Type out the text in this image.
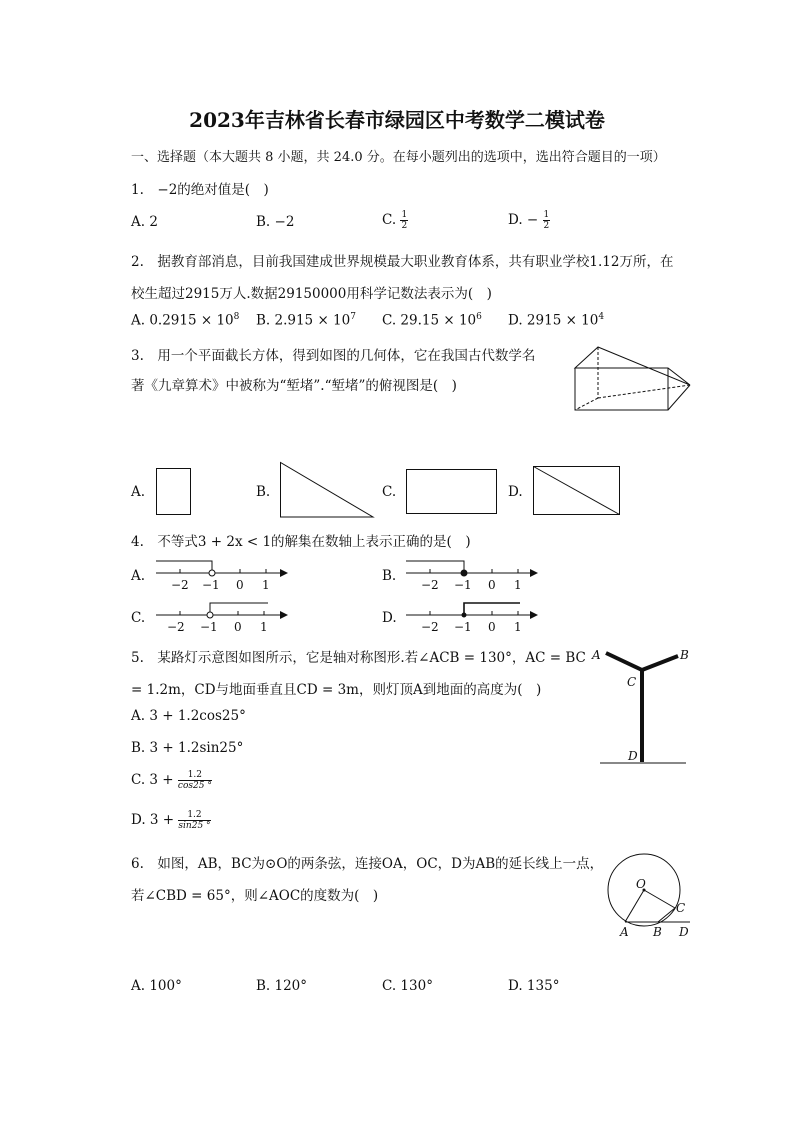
2023年吉林省长春市绿园区中考数学二模试卷
一、选择题（本大题共 8 小题，共 24.0 分。在每小题列出的选项中，选出符合题目的一项）
1.　−2的绝对值是(　)
A. 2	B. −2	C. $\frac{1}{2}$	D. − $\frac{1}{2}$
2.　据教育部消息，目前我国建成世界规模最大职业教育体系，共有职业学校1.12万所，在
校生超过2915万人.数据29150000用科学记数法表示为(　)
A. $0.2915 \times 10^8$ B. $2.915 \times 10^7$ C. $29.15 \times 10^6$ D. $2915 \times 10^4$
3.　用一个平面截长方体，得到如图的几何体，它在我国古代数学名
著《九章算术》中被称为“堑堵”.“堑堵”的俯视图是(　)
A.	B.	C.	D.
4.　不等式3 + 2x < 1的解集在数轴上表示正确的是(　)
A.
−2 −1 0 1
B.
−2 −1 0 1
C.
−2 −1 0 1
D.
−2 −1 0 1
5.　某路灯示意图如图所示，它是轴对称图形.若∠ACB = 130°，AC = BC
= 1.2m，CD与地面垂直且CD = 3m，则灯顶A到地面的高度为(　)
A. 3 + 1.2cos25°
B. 3 + 1.2sin25°
C. $3 + \frac{1.2}{\cos 25 ^\circ}$
D. $3 + \frac{1.2}{\sin 25 ^\circ}$
A	B
C
D
6.　如图，AB，BC为⊙O的两条弦，连接OA，OC，D为AB的延长线上一点，
若∠CBD = 65°，则∠AOC的度数为(　)
O
A B
C
D
A. 100°	B. 120°	C. 130°	D. 135°
